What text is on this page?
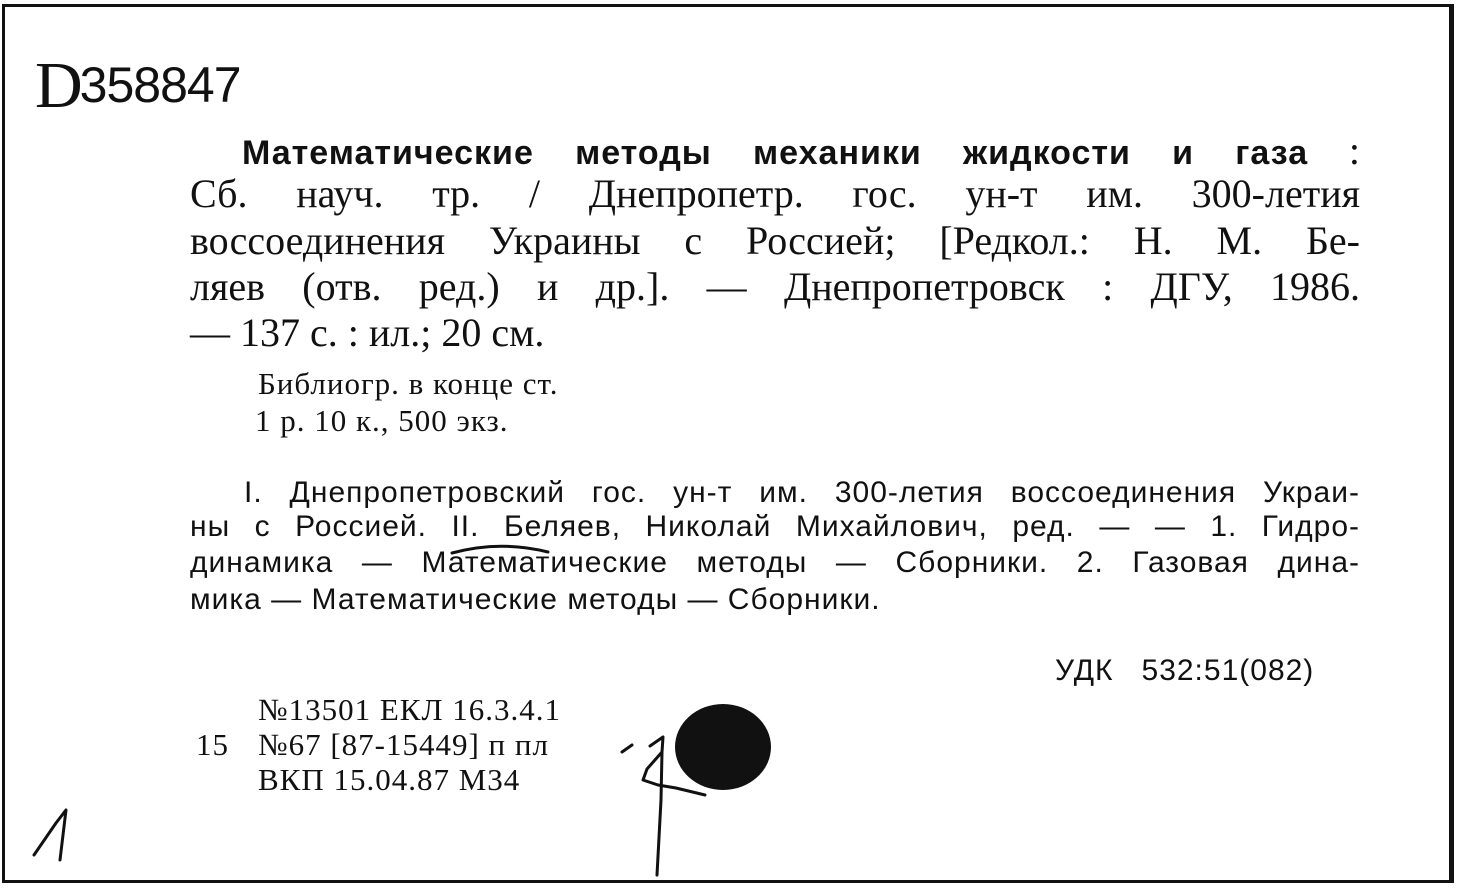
D358847
Математические методы механики жидкости и газа :
Сб. науч. тр. / Днепропетр. гос. ун-т им. 300-летия
воссоединения Украины с Россией; [Редкол.: Н. М. Бе-
ляев (отв. ред.) и др.]. — Днепропетровск : ДГУ, 1986.
— 137 с. : ил.; 20 см.
Библиогр. в конце ст.
1 р. 10 к., 500 экз.
I. Днепропетровский гос. ун-т им. 300-летия воссоединения Украи-
ны с Россией. II. Беляев, Николай Михайлович, ред. — — 1. Гидро-
динамика — Математические методы — Сборники. 2. Газовая дина-
мика — Математические методы — Сборники.
УДК   532:51(082)
№13501 ЕКЛ 16.3.4.1
15 №67 [87-15449] п пл
ВКП 15.04.87 М34
